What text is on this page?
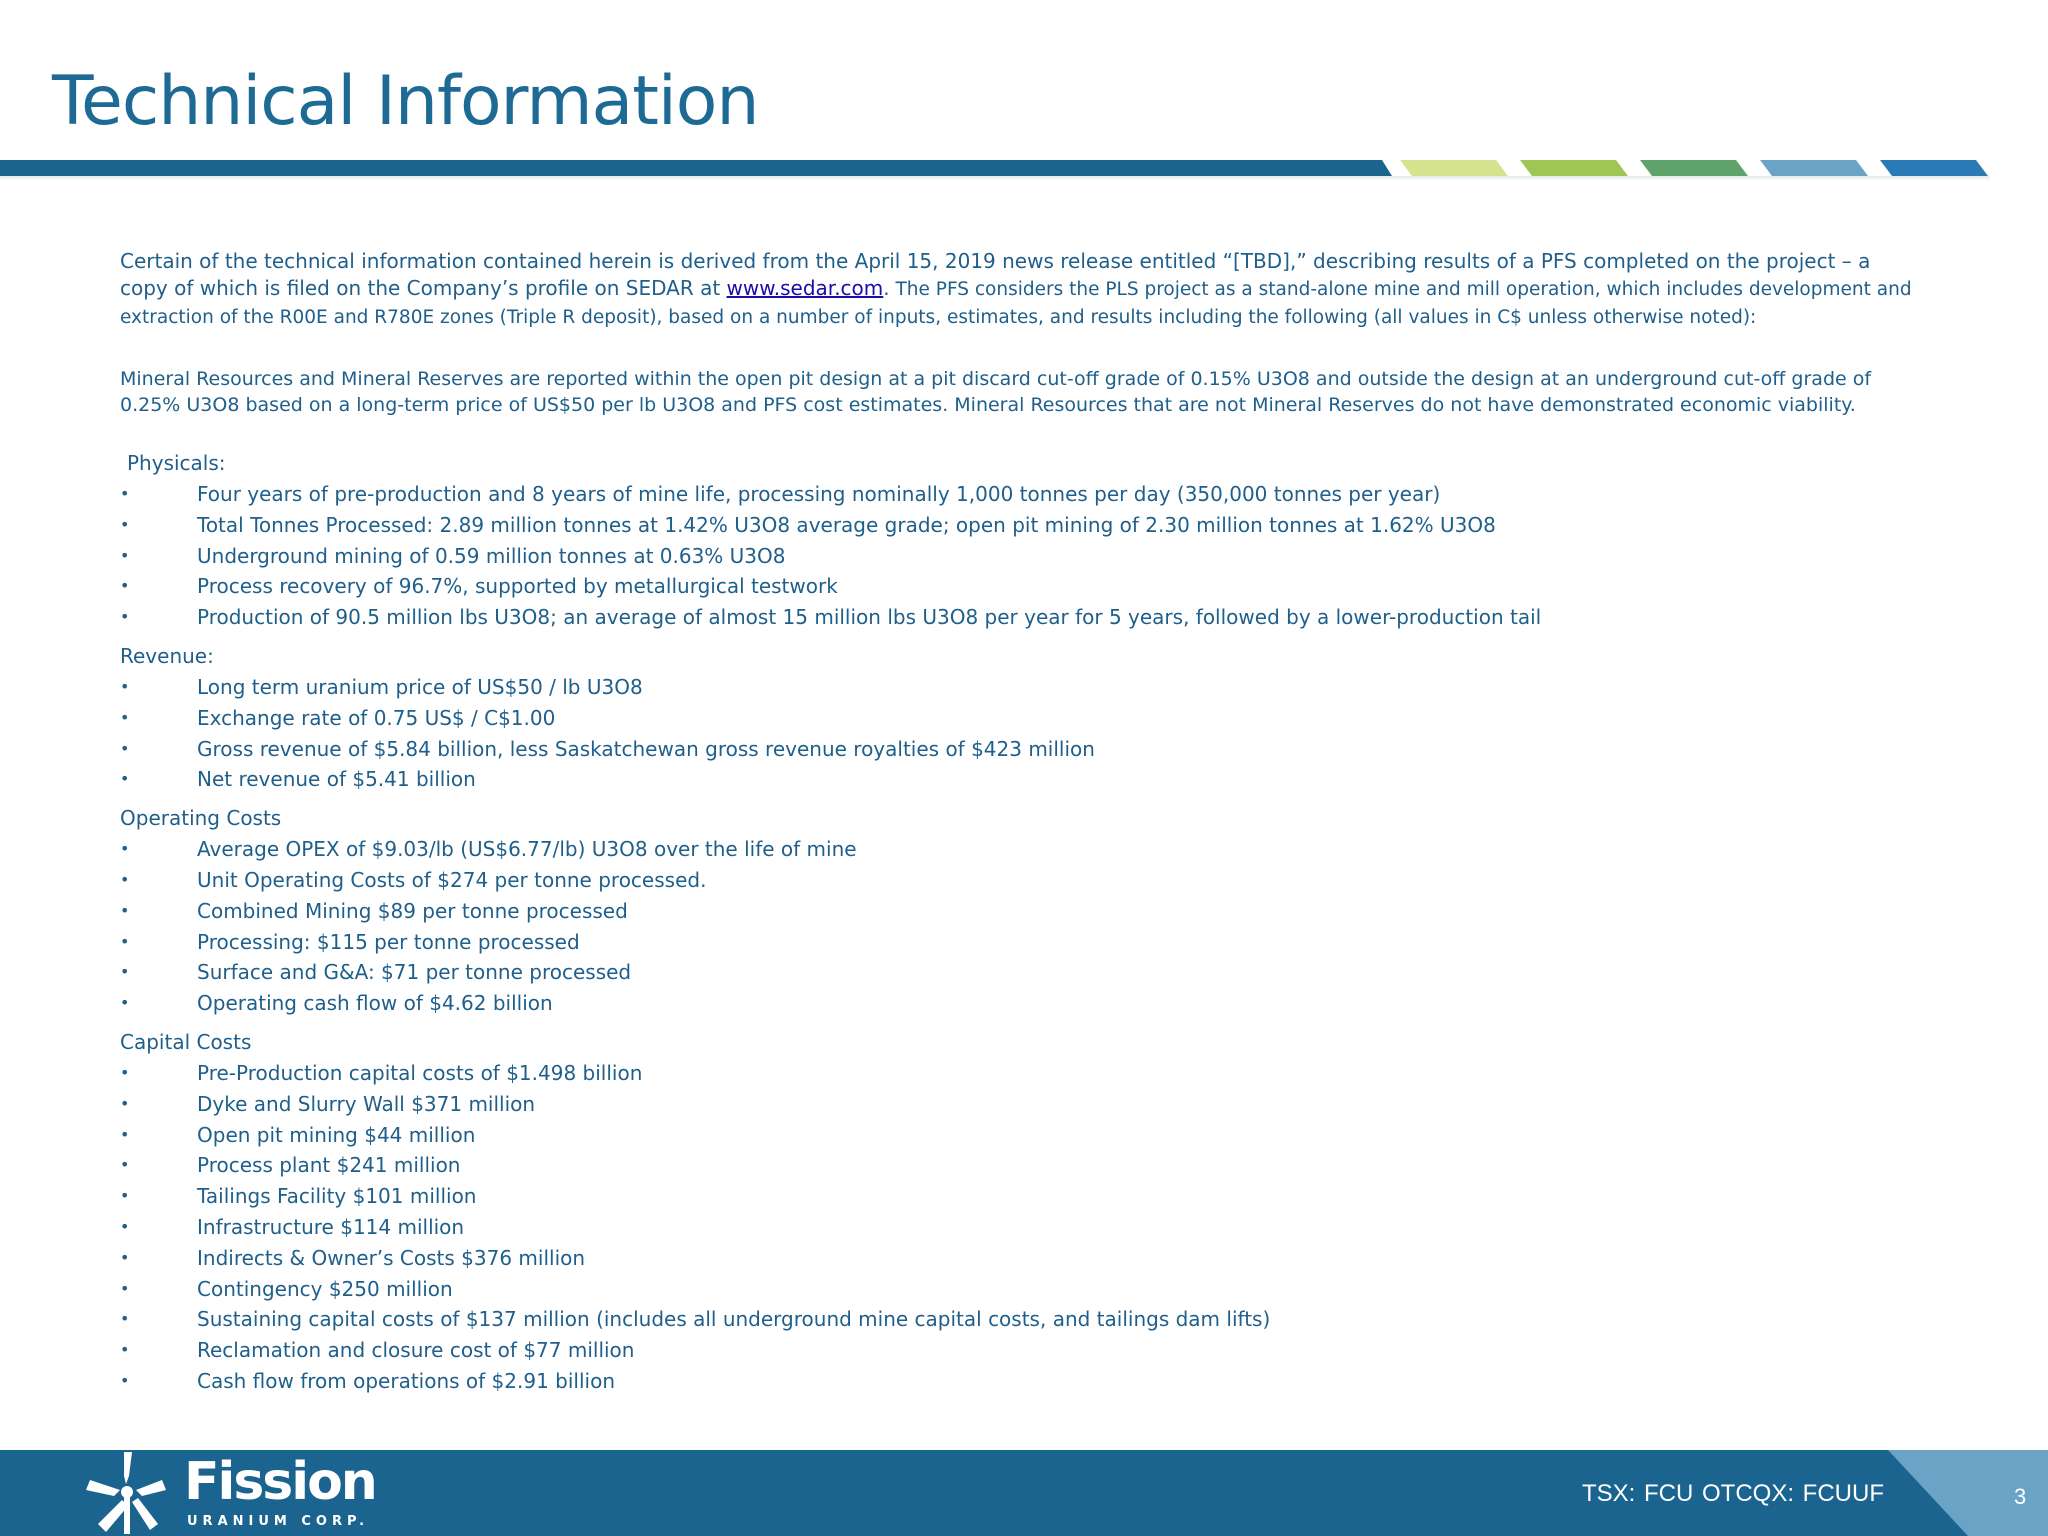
Technical Information

Certain of the technical information contained herein is derived from the April 15, 2019 news release entitled “[TBD],” describing results of a PFS completed on the project – a copy of which is filed on the Company’s profile on SEDAR at www.sedar.com. The PFS considers the PLS project as a stand-alone mine and mill operation, which includes development and extraction of the R00E and R780E zones (Triple R deposit), based on a number of inputs, estimates, and results including the following (all values in C$ unless otherwise noted):

Mineral Resources and Mineral Reserves are reported within the open pit design at a pit discard cut-off grade of 0.15% U3O8 and outside the design at an underground cut-off grade of 0.25% U3O8 based on a long-term price of US$50 per lb U3O8 and PFS cost estimates. Mineral Resources that are not Mineral Reserves do not have demonstrated economic viability.

Physicals:
•	Four years of pre-production and 8 years of mine life, processing nominally 1,000 tonnes per day (350,000 tonnes per year)
•	Total Tonnes Processed: 2.89 million tonnes at 1.42% U3O8 average grade; open pit mining of 2.30 million tonnes at 1.62% U3O8
•	Underground mining of 0.59 million tonnes at 0.63% U3O8
•	Process recovery of 96.7%, supported by metallurgical testwork
•	Production of 90.5 million lbs U3O8; an average of almost 15 million lbs U3O8 per year for 5 years, followed by a lower-production tail
Revenue:
•	Long term uranium price of US$50 / lb U3O8
•	Exchange rate of 0.75 US$ / C$1.00
•	Gross revenue of $5.84 billion, less Saskatchewan gross revenue royalties of $423 million
•	Net revenue of $5.41 billion
Operating Costs
•	Average OPEX of $9.03/lb (US$6.77/lb) U3O8 over the life of mine
•	Unit Operating Costs of $274 per tonne processed.
•	Combined Mining $89 per tonne processed
•	Processing: $115 per tonne processed
•	Surface and G&A: $71 per tonne processed
•	Operating cash flow of $4.62 billion
Capital Costs
•	Pre-Production capital costs of $1.498 billion
•	Dyke and Slurry Wall $371 million
•	Open pit mining $44 million
•	Process plant $241 million
•	Tailings Facility $101 million
•	Infrastructure $114 million
•	Indirects & Owner’s Costs $376 million
•	Contingency $250 million
•	Sustaining capital costs of $137 million (includes all underground mine capital costs, and tailings dam lifts)
•	Reclamation and closure cost of $77 million
•	Cash flow from operations of $2.91 billion
Fission
URANIUM CORP.
TSX: FCU OTCQX: FCUUF	3
